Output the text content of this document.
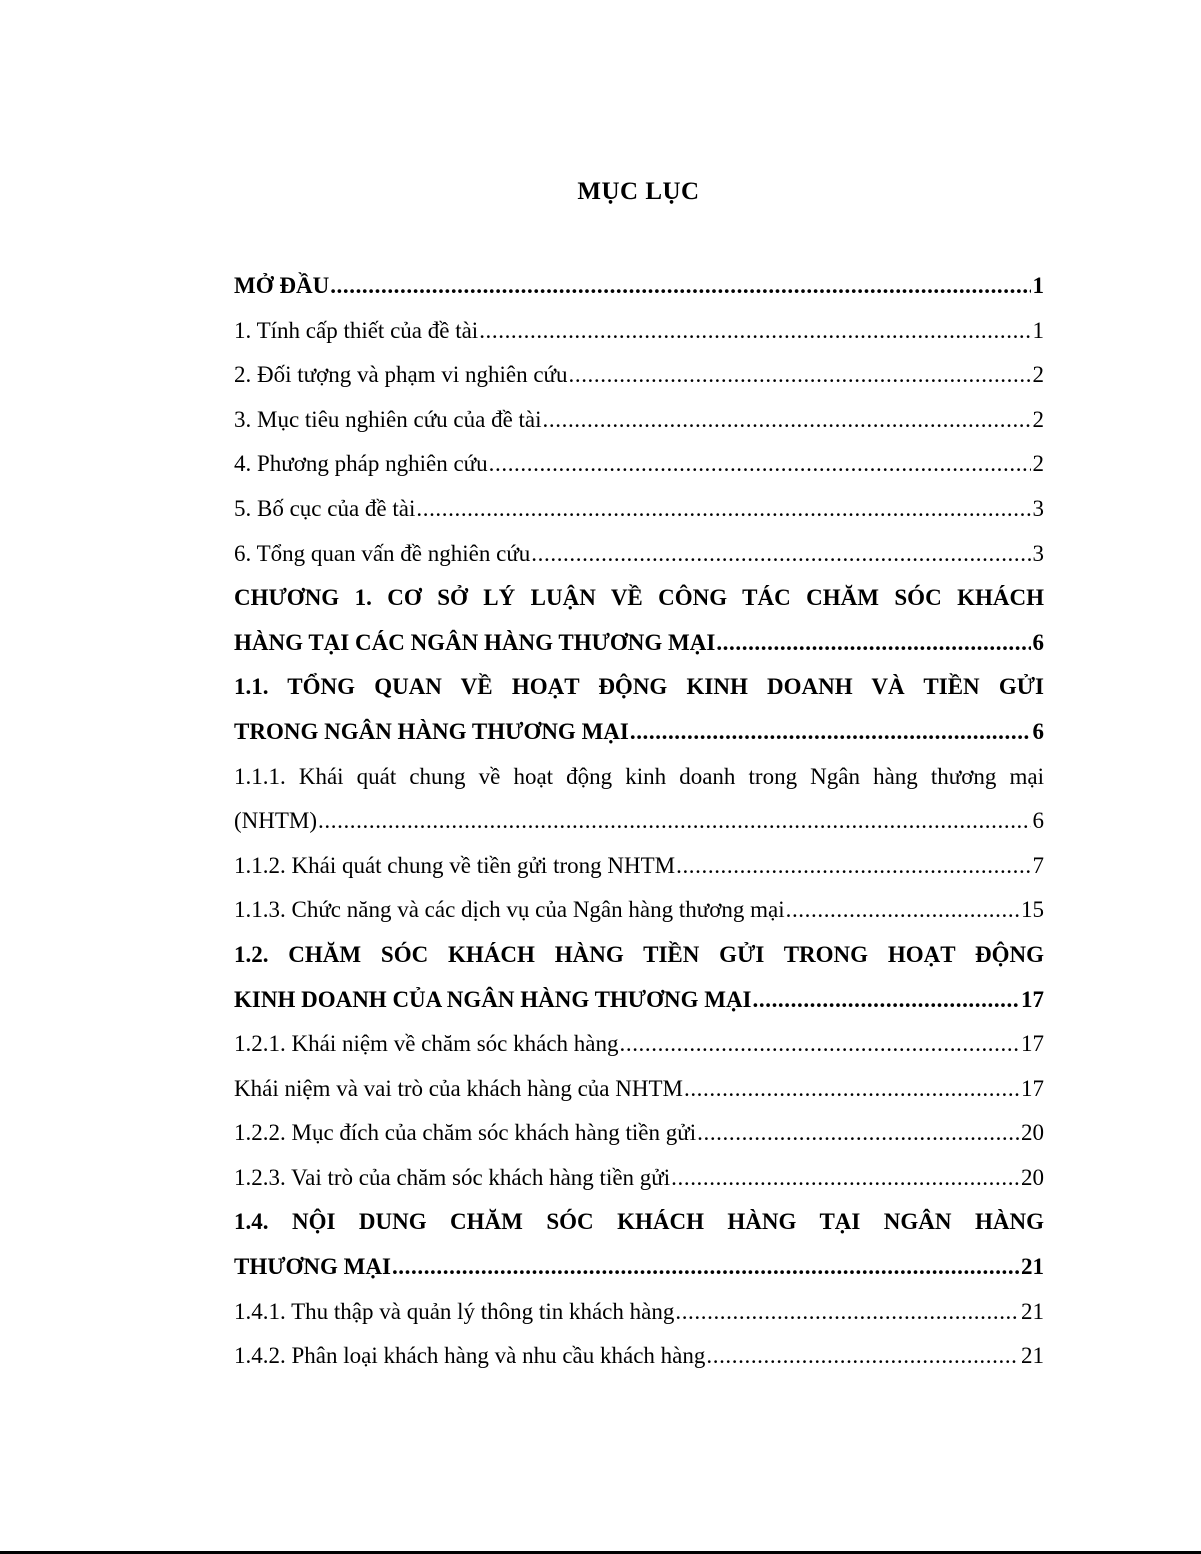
MỤC LỤC
MỞ ĐẦU .....	1
1. Tính cấp thiết của đề tài .....	1
2. Đối tượng và phạm vi nghiên cứu .....	2
3. Mục tiêu nghiên cứu của đề tài .....	2
4. Phương pháp nghiên cứu .....	2
5. Bố cục của đề tài .....	3
6. Tổng quan vấn đề nghiên cứu .....	3
CHƯƠNG 1. CƠ SỞ LÝ LUẬN VỀ CÔNG TÁC CHĂM SÓC KHÁCH
HÀNG TẠI CÁC NGÂN HÀNG THƯƠNG MẠI .....	6
1.1. TỔNG QUAN VỀ HOẠT ĐỘNG KINH DOANH VÀ TIỀN GỬI
TRONG NGÂN HÀNG THƯƠNG MẠI .....	6
1.1.1. Khái quát chung về hoạt động kinh doanh trong Ngân hàng thương mại
(NHTM) .....	6
1.1.2. Khái quát chung về tiền gửi trong NHTM .....	7
1.1.3. Chức năng và các dịch vụ của Ngân hàng thương mại .....	15
1.2. CHĂM SÓC KHÁCH HÀNG TIỀN GỬI TRONG HOẠT ĐỘNG
KINH DOANH CỦA NGÂN HÀNG THƯƠNG MẠI .....	17
1.2.1. Khái niệm về chăm sóc khách hàng .....	17
Khái niệm và vai trò của khách hàng của NHTM .....	17
1.2.2. Mục đích của chăm sóc khách hàng tiền gửi .....	20
1.2.3. Vai trò của chăm sóc khách hàng tiền gửi .....	20
1.4. NỘI DUNG CHĂM SÓC KHÁCH HÀNG TẠI NGÂN HÀNG
THƯƠNG MẠI .....	21
1.4.1. Thu thập và quản lý thông tin khách hàng .....	21
1.4.2. Phân loại khách hàng và nhu cầu khách hàng .....	21
